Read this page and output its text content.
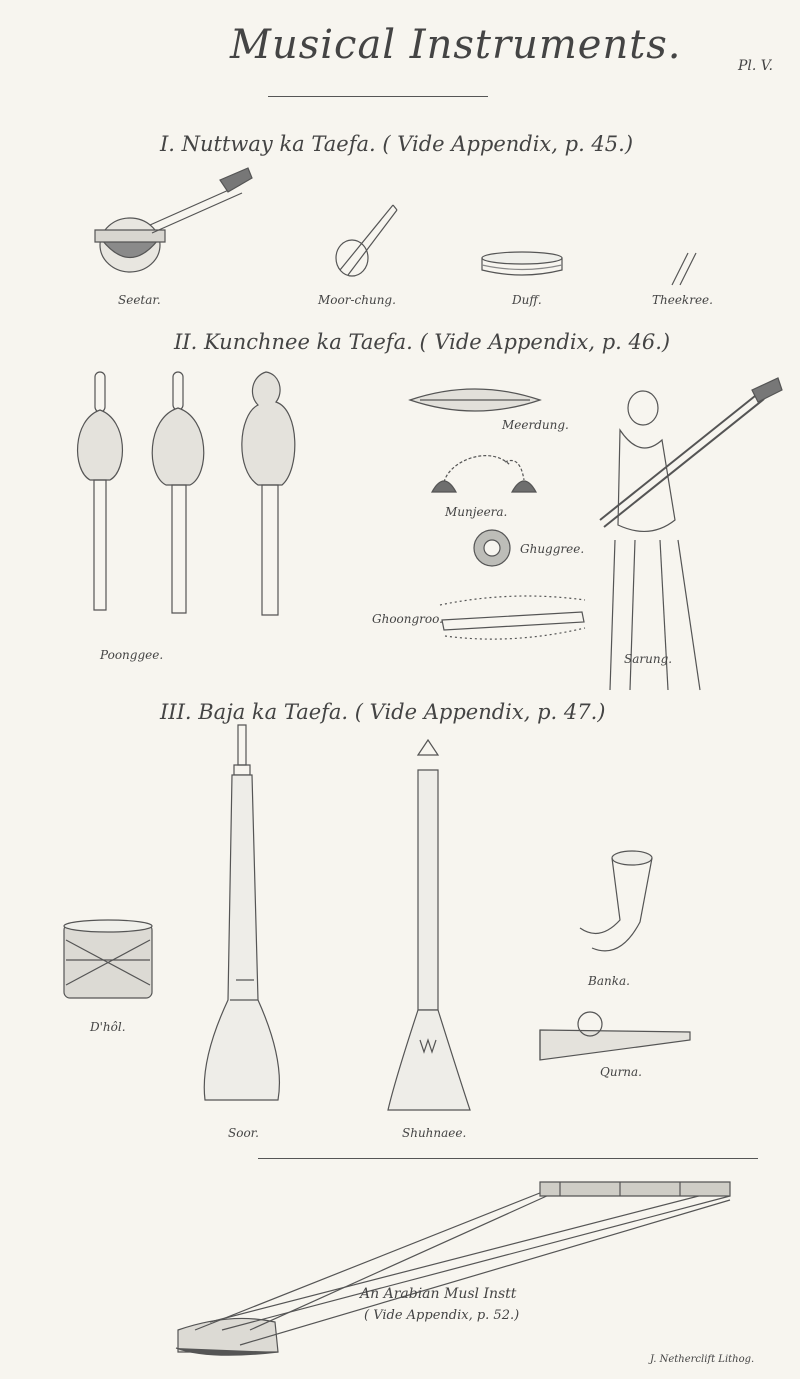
Musical Instruments.	Pl. V.
I. Nuttway ka Taefa. ( Vide Appendix, p. 45.)
Seetar.	Moor-chung.	Duff.	Theekree.
II. Kunchnee ka Taefa. ( Vide Appendix, p. 46.)
Poonggee.
Meerdung.
Munjeera.
Ghuggree.
Ghoongroo.
Sarung.
III. Baja ka Taefa. ( Vide Appendix, p. 47.)
D'hôl.
Soor.	Shuhnaee.
Banka.
Qurna.
An Arabian Musl Instt
( Vide Appendix, p. 52.)
J. Netherclift Lithog.
